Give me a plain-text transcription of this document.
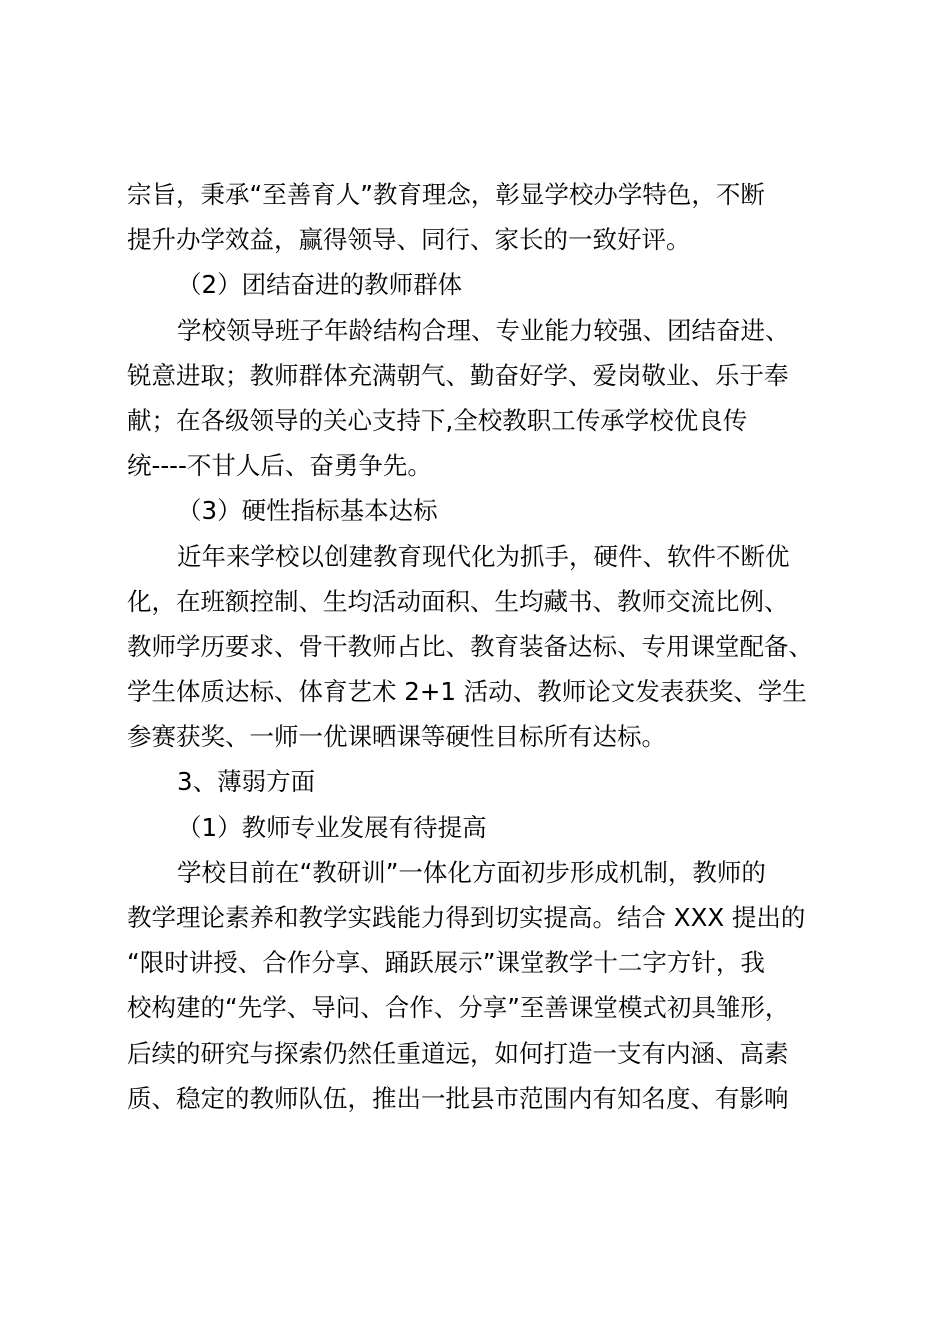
宗旨，秉承“至善育人”教育理念，彰显学校办学特色，不断
提升办学效益，赢得领导、同行、家长的一致好评。
（2）团结奋进的教师群体
学校领导班子年龄结构合理、专业能力较强、团结奋进、
锐意进取；教师群体充满朝气、勤奋好学、爱岗敬业、乐于奉
献；在各级领导的关心支持下,全校教职工传承学校优良传
统----不甘人后、奋勇争先。
（3）硬性指标基本达标
近年来学校以创建教育现代化为抓手，硬件、软件不断优
化，在班额控制、生均活动面积、生均藏书、教师交流比例、
教师学历要求、骨干教师占比、教育装备达标、专用课堂配备、
学生体质达标、体育艺术 2+1 活动、教师论文发表获奖、学生
参赛获奖、一师一优课晒课等硬性目标所有达标。
3、薄弱方面
（1）教师专业发展有待提高
学校目前在“教研训”一体化方面初步形成机制，教师的
教学理论素养和教学实践能力得到切实提高。结合 XXX 提出的
“限时讲授、合作分享、踊跃展示”课堂教学十二字方针，我
校构建的“先学、导问、合作、分享”至善课堂模式初具雏形，
后续的研究与探索仍然任重道远，如何打造一支有内涵、高素
质、稳定的教师队伍，推出一批县市范围内有知名度、有影响
